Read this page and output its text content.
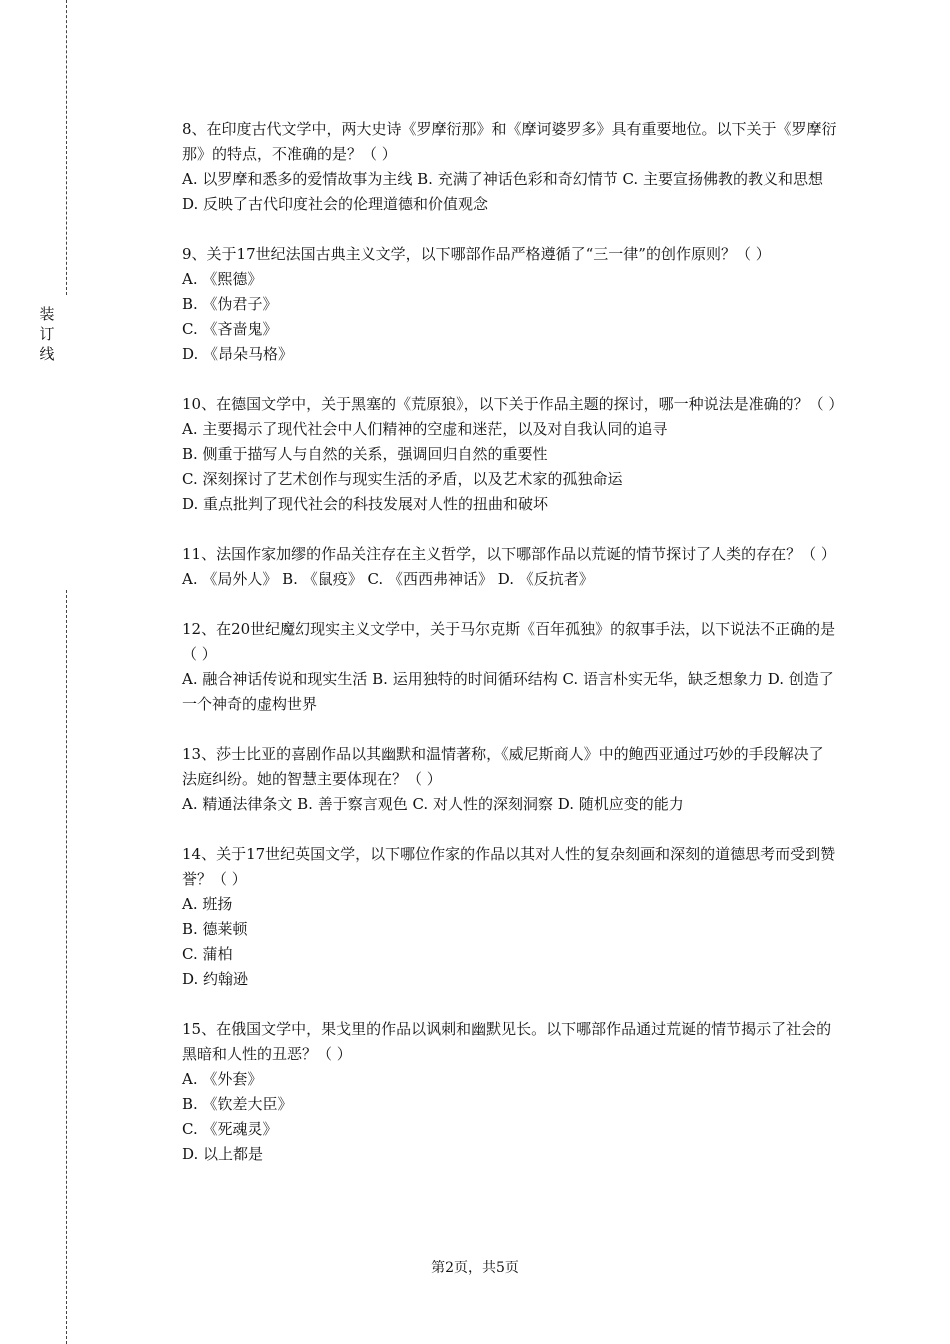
装
订
线

8、在印度古代文学中，两大史诗《罗摩衍那》和《摩诃婆罗多》具有重要地位。以下关于《罗摩衍那》的特点，不准确的是？（ ）

A. 以罗摩和悉多的爱情故事为主线 B. 充满了神话色彩和奇幻情节 C. 主要宣扬佛教的教义和思想 D. 反映了古代印度社会的伦理道德和价值观念

9、关于17世纪法国古典主义文学，以下哪部作品严格遵循了“三一律”的创作原则？（ ）

A. 《熙德》

B. 《伪君子》

C. 《吝啬鬼》

D. 《昂朵马格》

10、在德国文学中，关于黑塞的《荒原狼》，以下关于作品主题的探讨，哪一种说法是准确的？（ ）

A. 主要揭示了现代社会中人们精神的空虚和迷茫，以及对自我认同的追寻

B. 侧重于描写人与自然的关系，强调回归自然的重要性

C. 深刻探讨了艺术创作与现实生活的矛盾，以及艺术家的孤独命运

D. 重点批判了现代社会的科技发展对人性的扭曲和破坏

11、法国作家加缪的作品关注存在主义哲学，以下哪部作品以荒诞的情节探讨了人类的存在？（ ）

A. 《局外人》 B. 《鼠疫》 C. 《西西弗神话》 D. 《反抗者》

12、在20世纪魔幻现实主义文学中，关于马尔克斯《百年孤独》的叙事手法，以下说法不正确的是（ ）

A. 融合神话传说和现实生活 B. 运用独特的时间循环结构 C. 语言朴实无华，缺乏想象力 D. 创造了一个神奇的虚构世界

13、莎士比亚的喜剧作品以其幽默和温情著称，《威尼斯商人》中的鲍西亚通过巧妙的手段解决了法庭纠纷。她的智慧主要体现在？（ ）

A. 精通法律条文 B. 善于察言观色 C. 对人性的深刻洞察 D. 随机应变的能力

14、关于17世纪英国文学，以下哪位作家的作品以其对人性的复杂刻画和深刻的道德思考而受到赞誉？（ ）

A. 班扬

B. 德莱顿

C. 蒲柏

D. 约翰逊

15、在俄国文学中，果戈里的作品以讽刺和幽默见长。以下哪部作品通过荒诞的情节揭示了社会的黑暗和人性的丑恶？（ ）

A. 《外套》

B. 《钦差大臣》

C. 《死魂灵》

D. 以上都是

第2页，共5页
